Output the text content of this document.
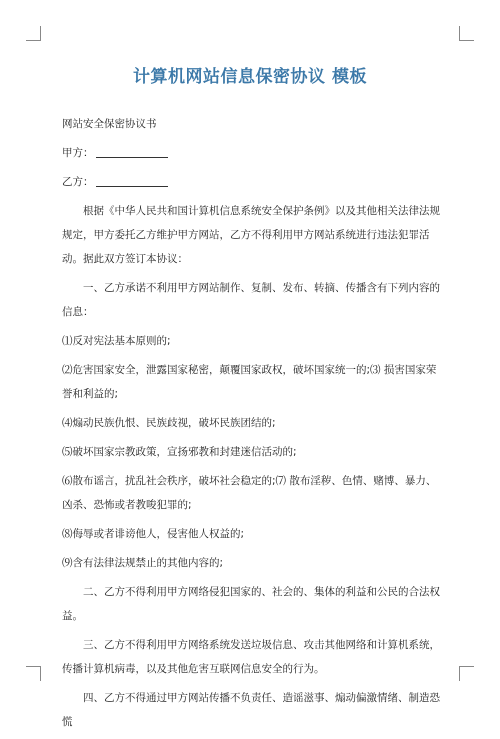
计算机网站信息保密协议 模板

网站安全保密协议书

甲方：

乙方：

根据《中华人民共和国计算机信息系统安全保护条例》以及其他相关法律法规规定，甲方委托乙方维护甲方网站，乙方不得利用甲方网站系统进行违法犯罪活动。据此双方签订本协议：

一、乙方承诺不利用甲方网站制作、复制、发布、转摘、传播含有下列内容的信息：

⑴反对宪法基本原则的;

⑵危害国家安全，泄露国家秘密，颠覆国家政权，破坏国家统一的;⑶ 损害国家荣誉和利益的;

⑷煽动民族仇恨、民族歧视，破坏民族团结的;

⑸破坏国家宗教政策，宣扬邪教和封建迷信活动的;

⑹散布谣言，扰乱社会秩序，破坏社会稳定的;⑺ 散布淫秽、色情、赌博、暴力、凶杀、恐怖或者教唆犯罪的;

⑻侮辱或者诽谤他人，侵害他人权益的;

⑼含有法律法规禁止的其他内容的;

二、乙方不得利用甲方网络侵犯国家的、社会的、集体的利益和公民的合法权益。

三、乙方不得利用甲方网络系统发送垃圾信息、攻击其他网络和计算机系统，传播计算机病毒，以及其他危害互联网信息安全的行为。

四、乙方不得通过甲方网站传播不负责任、造谣滋事、煽动偏激情绪、制造恐慌
